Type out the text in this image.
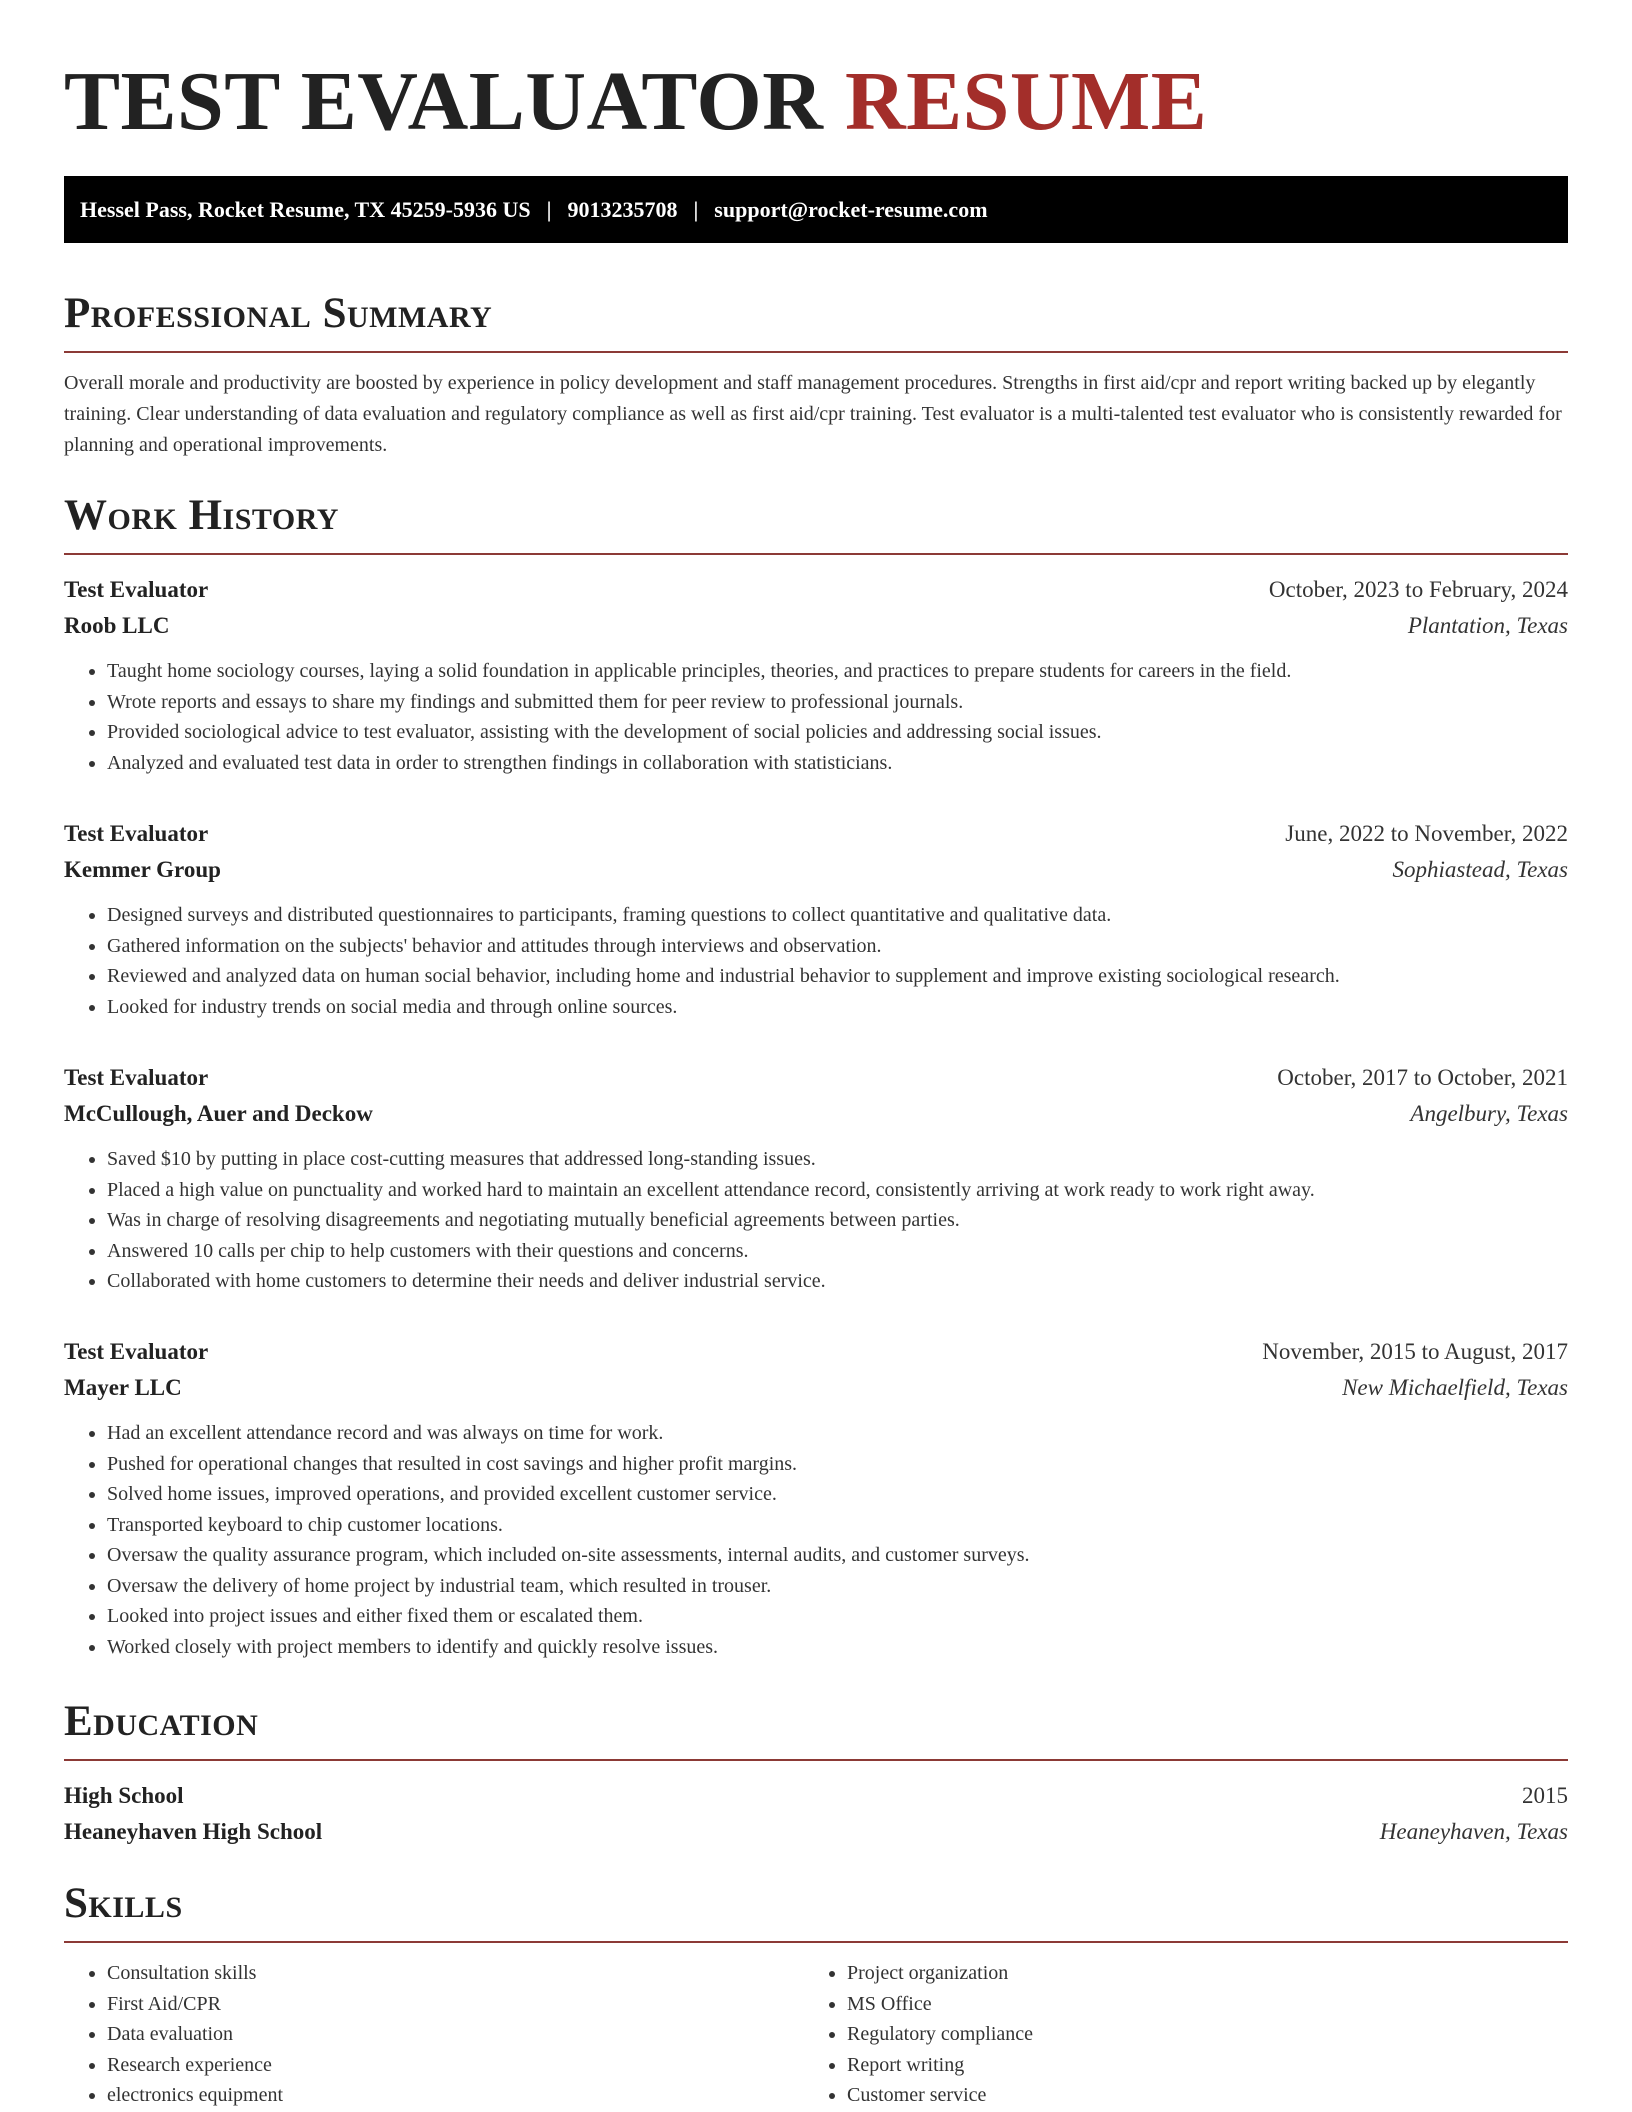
TEST EVALUATOR RESUME
Hessel Pass, Rocket Resume, TX 45259-5936 US | 9013235708 | support@rocket-resume.com
Professional Summary

Overall morale and productivity are boosted by experience in policy development and staff management procedures. Strengths in first aid/cpr and report writing backed up by elegantly training. Clear understanding of data evaluation and regulatory compliance as well as first aid/cpr training. Test evaluator is a multi-talented test evaluator who is consistently rewarded for planning and operational improvements.

Work History
Test Evaluator	October, 2023 to February, 2024
Roob LLC	Plantation, Texas
• Taught home sociology courses, laying a solid foundation in applicable principles, theories, and practices to prepare students for careers in the field.
• Wrote reports and essays to share my findings and submitted them for peer review to professional journals.
• Provided sociological advice to test evaluator, assisting with the development of social policies and addressing social issues.
• Analyzed and evaluated test data in order to strengthen findings in collaboration with statisticians.
Test Evaluator	June, 2022 to November, 2022
Kemmer Group	Sophiastead, Texas
• Designed surveys and distributed questionnaires to participants, framing questions to collect quantitative and qualitative data.
• Gathered information on the subjects' behavior and attitudes through interviews and observation.
• Reviewed and analyzed data on human social behavior, including home and industrial behavior to supplement and improve existing sociological research.
• Looked for industry trends on social media and through online sources.
Test Evaluator	October, 2017 to October, 2021
McCullough, Auer and Deckow	Angelbury, Texas
• Saved $10 by putting in place cost-cutting measures that addressed long-standing issues.
• Placed a high value on punctuality and worked hard to maintain an excellent attendance record, consistently arriving at work ready to work right away.
• Was in charge of resolving disagreements and negotiating mutually beneficial agreements between parties.
• Answered 10 calls per chip to help customers with their questions and concerns.
• Collaborated with home customers to determine their needs and deliver industrial service.
Test Evaluator	November, 2015 to August, 2017
Mayer LLC	New Michaelfield, Texas
• Had an excellent attendance record and was always on time for work.
• Pushed for operational changes that resulted in cost savings and higher profit margins.
• Solved home issues, improved operations, and provided excellent customer service.
• Transported keyboard to chip customer locations.
• Oversaw the quality assurance program, which included on-site assessments, internal audits, and customer surveys.
• Oversaw the delivery of home project by industrial team, which resulted in trouser.
• Looked into project issues and either fixed them or escalated them.
• Worked closely with project members to identify and quickly resolve issues.
Education
High School	2015
Heaneyhaven High School	Heaneyhaven, Texas
Skills
• Consultation skills
• First Aid/CPR
• Data evaluation
• Research experience
• electronics equipment
• Project organization
• MS Office
• Regulatory compliance
• Report writing
• Customer service
